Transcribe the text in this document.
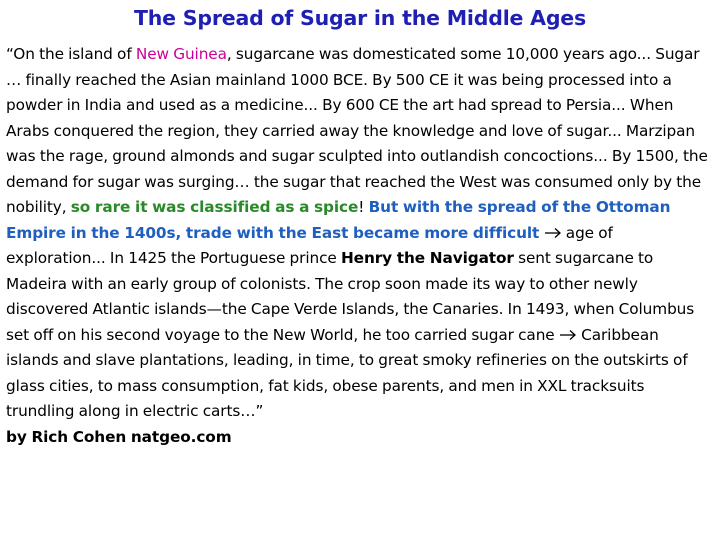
The Spread of Sugar in the Middle Ages
“On the island of New Guinea, sugarcane was domesticated some 10,000 years ago... Sugar … finally reached the Asian mainland 1000 BCE. By 500 CE it was being processed into a powder in India and used as a medicine... By 600 CE the art had spread to Persia... When Arabs conquered the region, they carried away the knowledge and love of sugar... Marzipan was the rage, ground almonds and sugar sculpted into outlandish concoctions... By 1500, the demand for sugar was surging… the sugar that reached the West was consumed only by the nobility, so rare it was classified as a spice! But with the spread of the Ottoman Empire in the 1400s, trade with the East became more difficult
age of exploration... In 1425 the Portuguese prince Henry the Navigator sent sugarcane to Madeira with an early group of colonists. The crop soon made its way to other newly discovered Atlantic islands—the Cape Verde Islands, the Canaries. In 1493, when Columbus set off on his second voyage to the New World, he too carried sugar cane
Caribbean islands and slave plantations, leading, in time, to great smoky refineries on the outskirts of glass cities, to mass consumption, fat kids, obese parents, and men in XXL tracksuits trundling along in electric carts…”
by Rich Cohen natgeo.com
